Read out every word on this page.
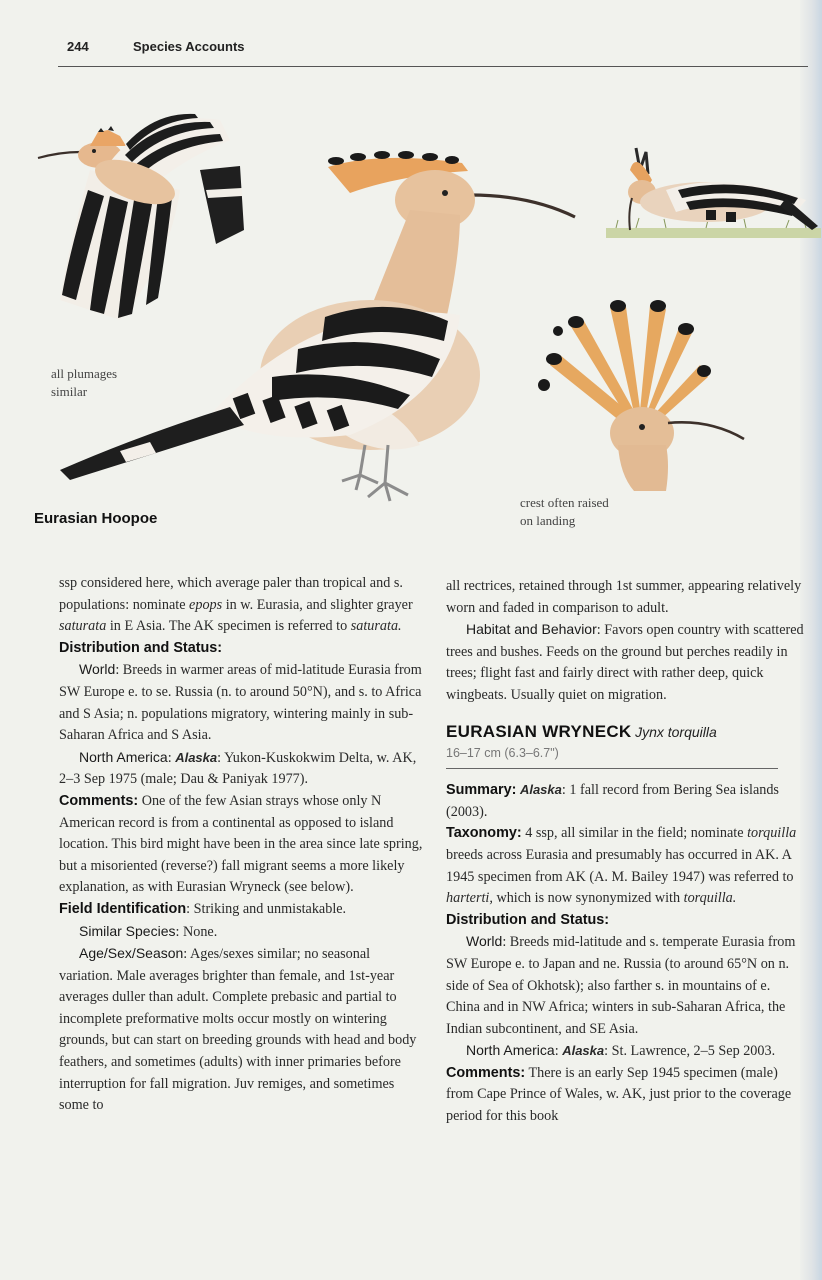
244	Species Accounts
all plumages
similar
Eurasian Hoopoe
crest often raised
on landing

ssp considered here, which average paler than tropical and s. populations: nominate epops in w. Eurasia, and slighter grayer saturata in E Asia. The AK specimen is referred to saturata.

Distribution and Status:

World: Breeds in warmer areas of mid-latitude Eurasia from SW Europe e. to se. Russia (n. to around 50°N), and s. to Africa and S Asia; n. populations migratory, wintering mainly in sub-Saharan Africa and S Asia.

North America: Alaska: Yukon-Kuskokwim Delta, w. AK, 2–3 Sep 1975 (male; Dau & Paniyak 1977).

Comments: One of the few Asian strays whose only N American record is from a continental as opposed to island location. This bird might have been in the area since late spring, but a misoriented (reverse?) fall migrant seems a more likely explanation, as with Eurasian Wryneck (see below).

Field Identification: Striking and unmistakable.

Similar Species: None.

Age/Sex/Season: Ages/sexes similar; no seasonal variation. Male averages brighter than female, and 1st-year averages duller than adult. Complete prebasic and partial to incomplete preformative molts occur mostly on wintering grounds, but can start on breeding grounds with head and body feathers, and sometimes (adults) with inner primaries before interruption for fall migration. Juv remiges, and sometimes some to

all rectrices, retained through 1st summer, appearing relatively worn and faded in comparison to adult.

Habitat and Behavior: Favors open country with scattered trees and bushes. Feeds on the ground but perches readily in trees; flight fast and fairly direct with rather deep, quick wingbeats. Usually quiet on migration.

EURASIAN WRYNECK Jynx torquilla
16–17 cm (6.3–6.7")

Summary: Alaska: 1 fall record from Bering Sea islands (2003).

Taxonomy: 4 ssp, all similar in the field; nominate torquilla breeds across Eurasia and presumably has occurred in AK. A 1945 specimen from AK (A. M. Bailey 1947) was referred to harterti, which is now synonymized with torquilla.

Distribution and Status:

World: Breeds mid-latitude and s. temperate Eurasia from SW Europe e. to Japan and ne. Russia (to around 65°N on n. side of Sea of Okhotsk); also farther s. in mountains of e. China and in NW Africa; winters in sub-Saharan Africa, the Indian subcontinent, and SE Asia.

North America: Alaska: St. Lawrence, 2–5 Sep 2003.

Comments: There is an early Sep 1945 specimen (male) from Cape Prince of Wales, w. AK, just prior to the coverage period for this book
